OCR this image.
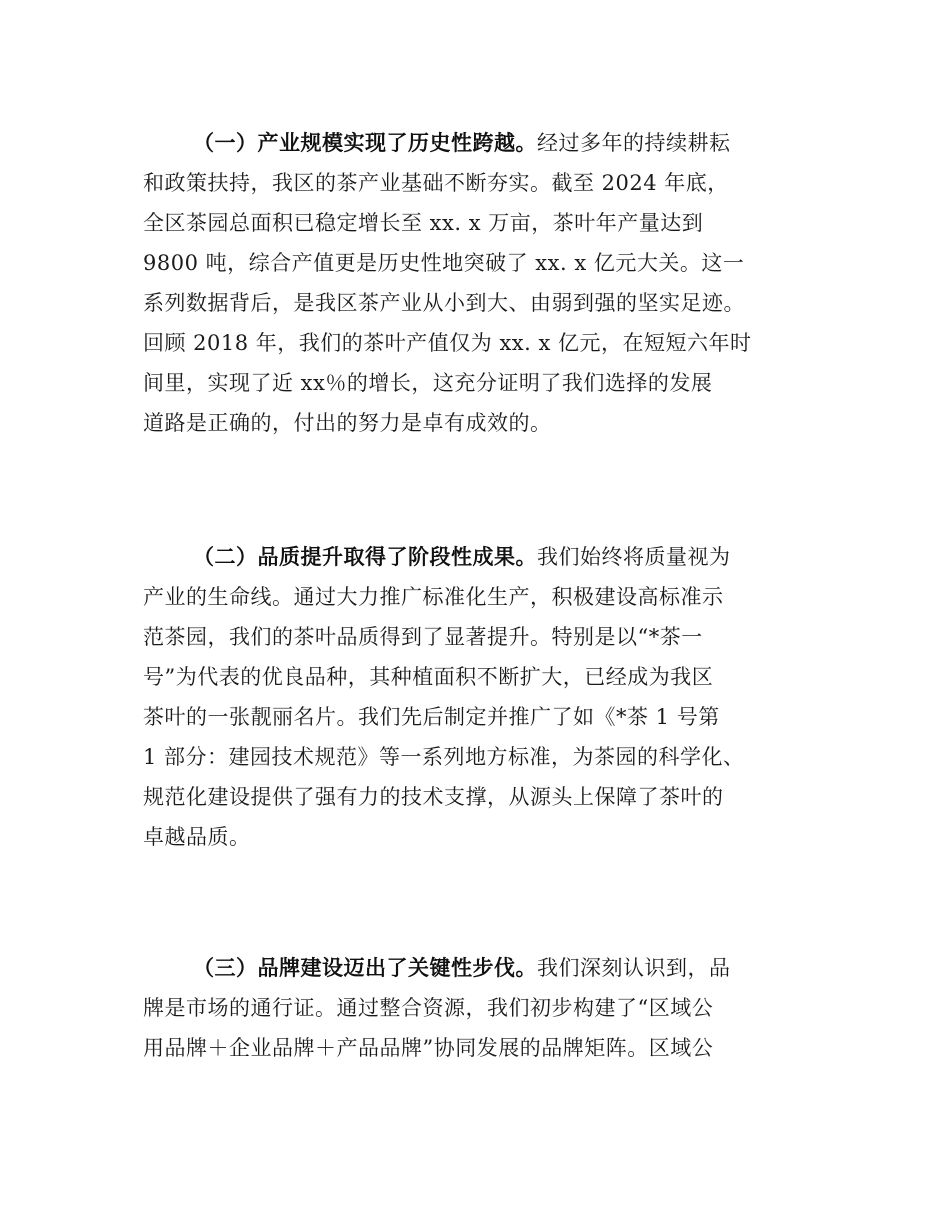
（一）产业规模实现了历史性跨越。经过多年的持续耕耘
和政策扶持，我区的茶产业基础不断夯实。截至 2024 年底，
全区茶园总面积已稳定增长至 xx. x 万亩，茶叶年产量达到
9800 吨，综合产值更是历史性地突破了 xx. x 亿元大关。这一
系列数据背后，是我区茶产业从小到大、由弱到强的坚实足迹。
回顾 2018 年，我们的茶叶产值仅为 xx. x 亿元，在短短六年时
间里，实现了近 xx％的增长，这充分证明了我们选择的发展
道路是正确的，付出的努力是卓有成效的。
（二）品质提升取得了阶段性成果。我们始终将质量视为
产业的生命线。通过大力推广标准化生产，积极建设高标准示
范茶园，我们的茶叶品质得到了显著提升。特别是以“*茶一
号”为代表的优良品种，其种植面积不断扩大，已经成为我区
茶叶的一张靓丽名片。我们先后制定并推广了如《*茶 1 号第
1 部分：建园技术规范》等一系列地方标准，为茶园的科学化、
规范化建设提供了强有力的技术支撑，从源头上保障了茶叶的
卓越品质。
（三）品牌建设迈出了关键性步伐。我们深刻认识到，品
牌是市场的通行证。通过整合资源，我们初步构建了“区域公
用品牌＋企业品牌＋产品品牌”协同发展的品牌矩阵。区域公
